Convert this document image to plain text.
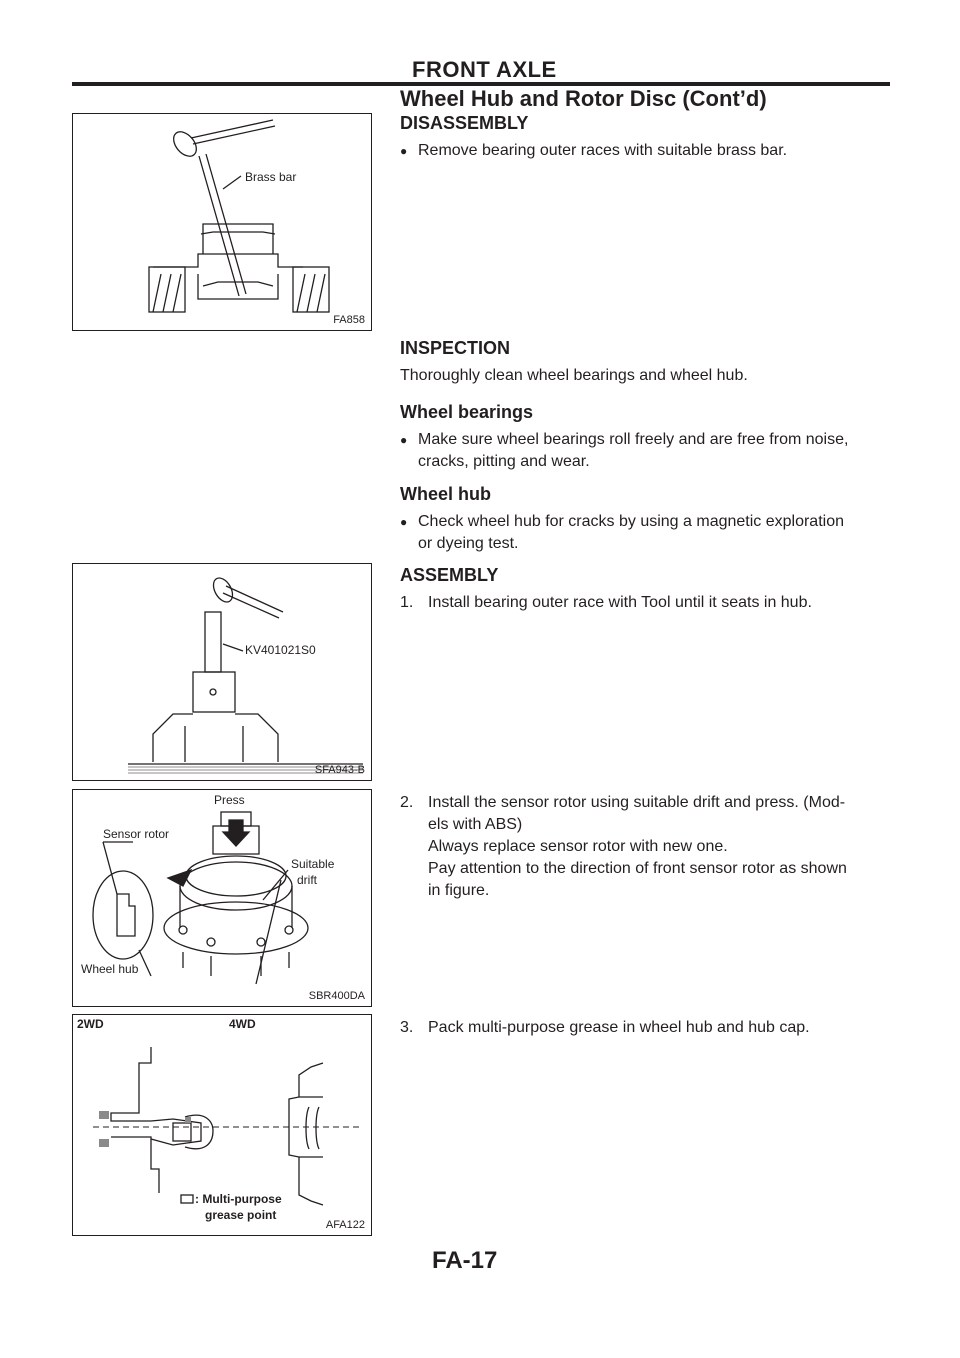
FRONT AXLE
Wheel Hub and Rotor Disc (Cont’d)
Brass bar
FA858
DISASSEMBLY
● Remove bearing outer races with suitable brass bar.
INSPECTION
Thoroughly clean wheel bearings and wheel hub.
Wheel bearings
● Make sure wheel bearings roll freely and are free from noise,
cracks, pitting and wear.
Wheel hub
● Check wheel hub for cracks by using a magnetic exploration
or dyeing test.
KV401021S0
SFA943-B
ASSEMBLY
1. Install bearing outer race with Tool until it seats in hub.
Press
Sensor rotor
Suitable
drift
Wheel hub
SBR400DA
2. Install the sensor rotor using suitable drift and press. (Mod-
els with ABS)
Always replace sensor rotor with new one.
Pay attention to the direction of front sensor rotor as shown
in figure.
2WD	4WD
: Multi-purpose
grease point
AFA122
3. Pack multi-purpose grease in wheel hub and hub cap.
FA-17
